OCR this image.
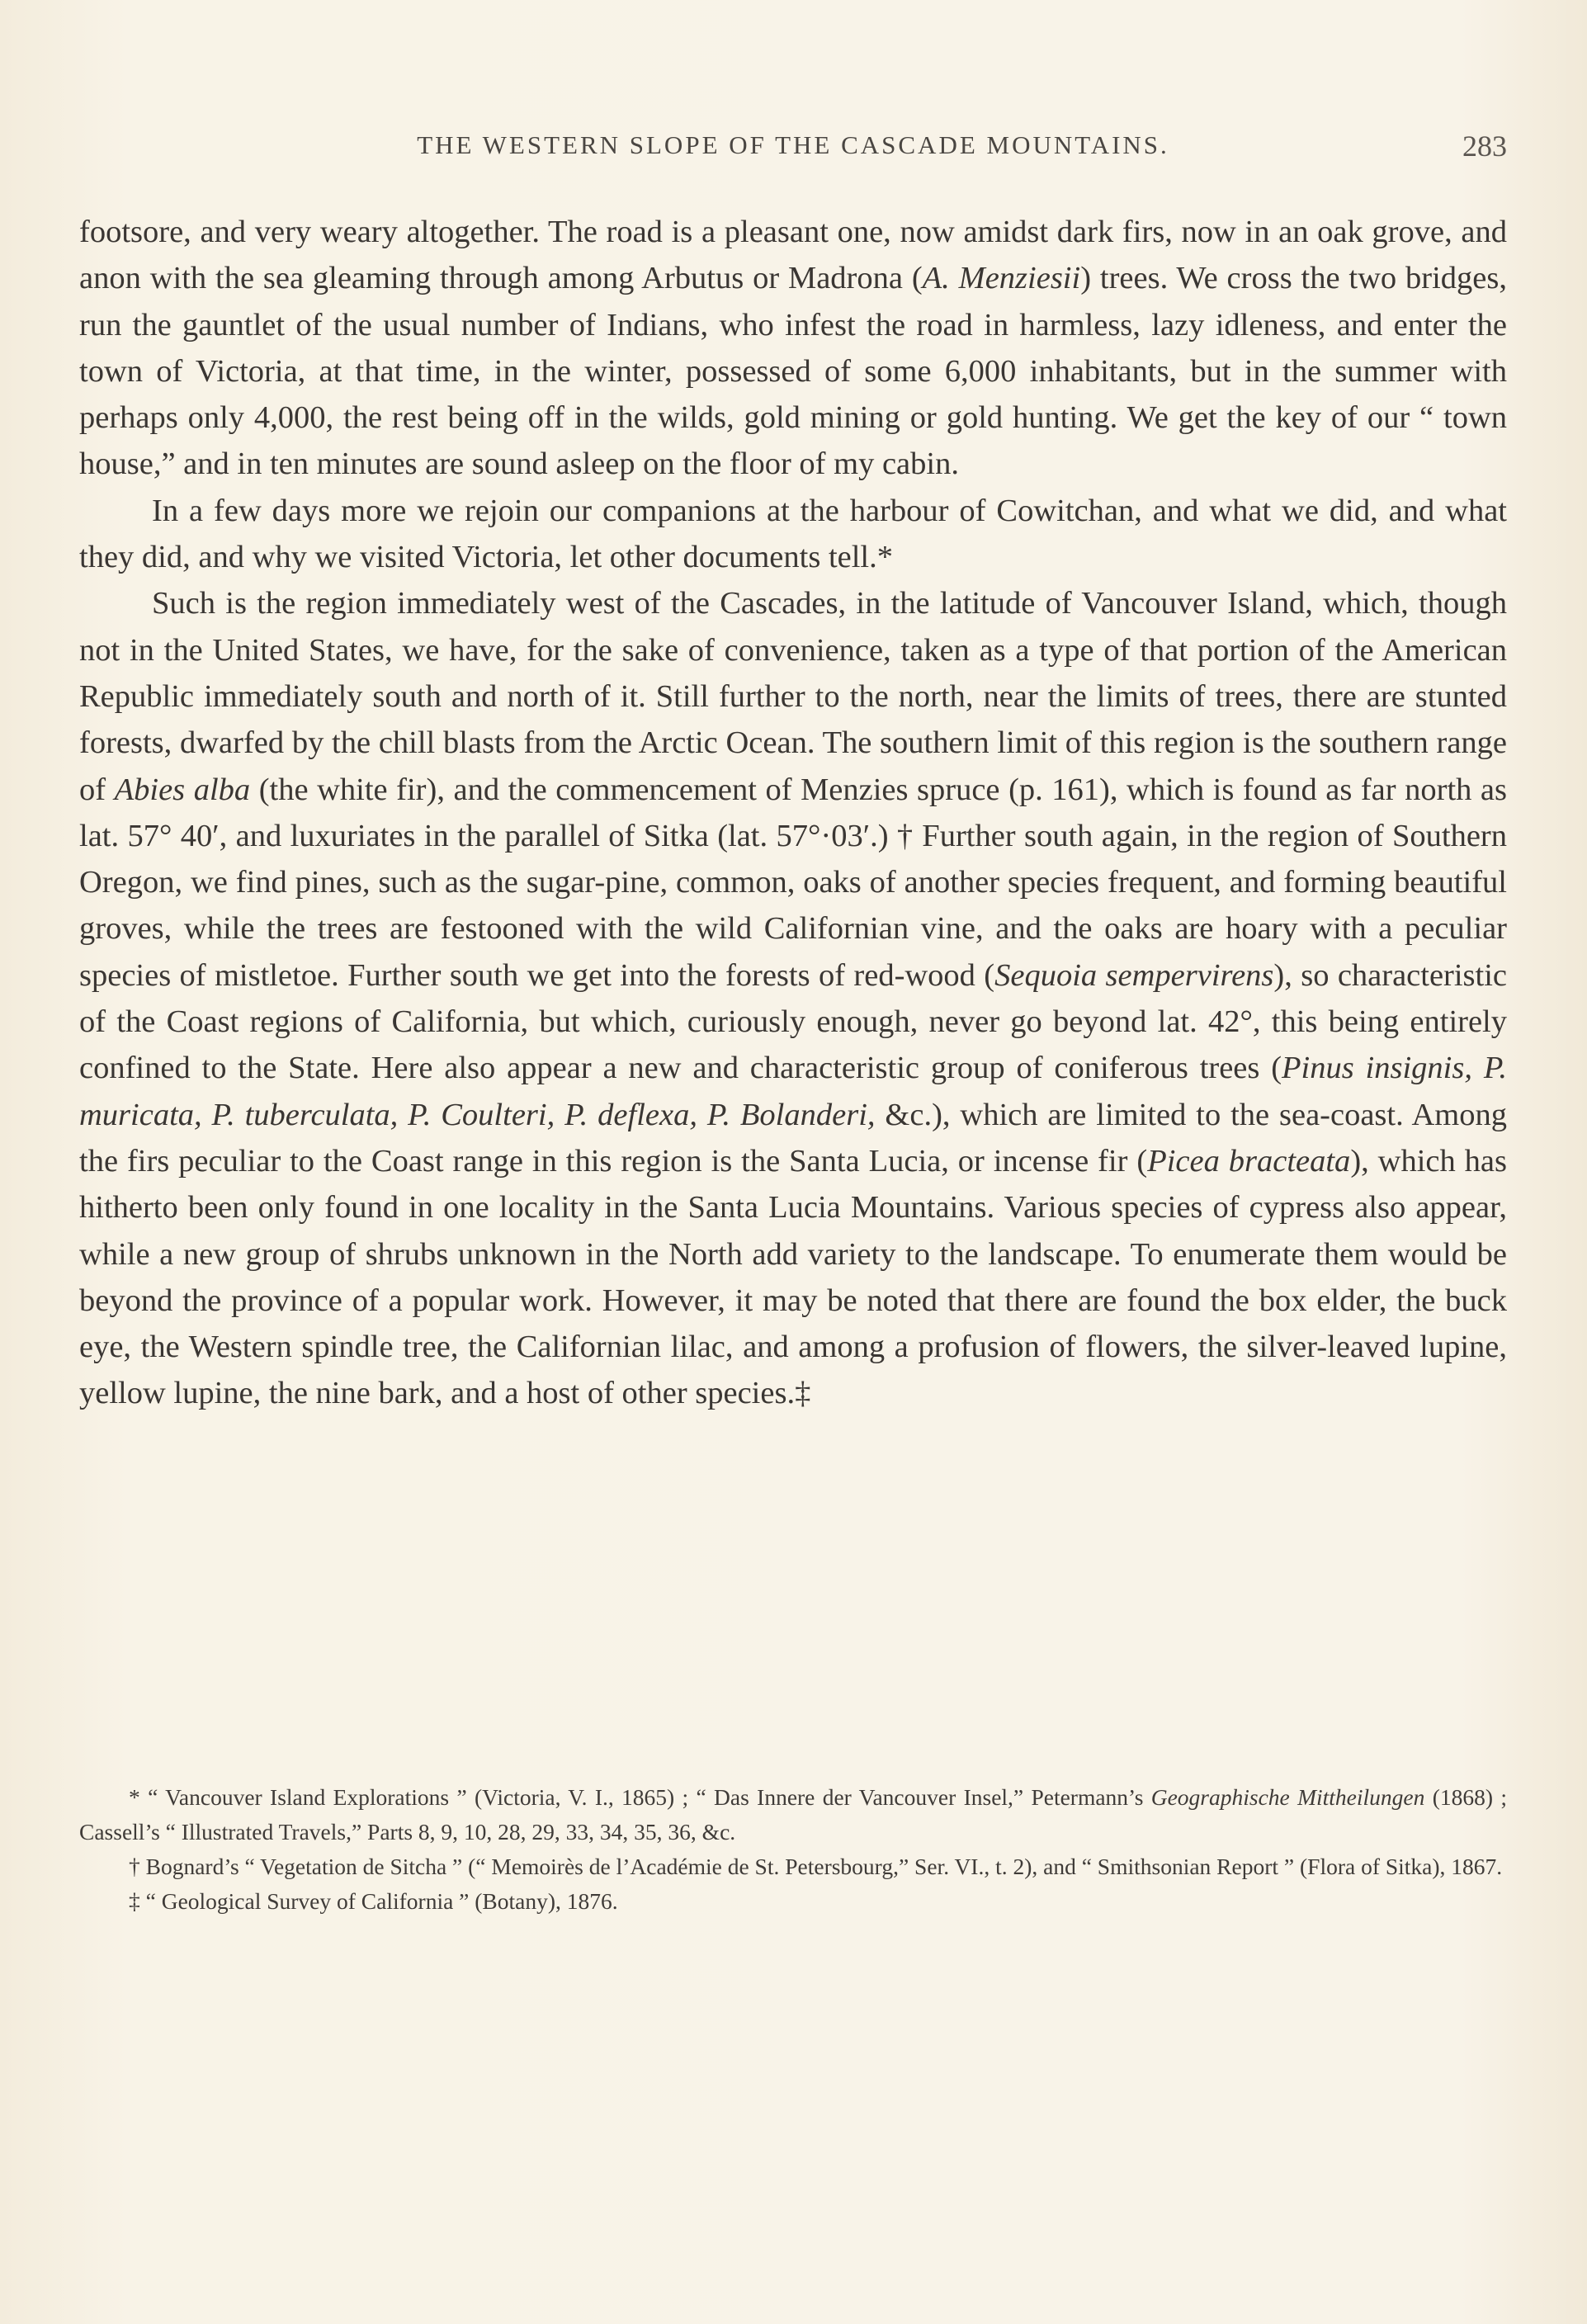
THE WESTERN SLOPE OF THE CASCADE MOUNTAINS.	283

footsore, and very weary altogether. The road is a pleasant one, now amidst dark firs, now in an oak grove, and anon with the sea gleaming through among Arbutus or Madrona (A. Menziesii) trees. We cross the two bridges, run the gauntlet of the usual number of Indians, who infest the road in harmless, lazy idleness, and enter the town of Victoria, at that time, in the winter, possessed of some 6,000 inhabitants, but in the summer with perhaps only 4,000, the rest being off in the wilds, gold mining or gold hunting. We get the key of our “ town house,” and in ten minutes are sound asleep on the floor of my cabin.

In a few days more we rejoin our companions at the harbour of Cowitchan, and what we did, and what they did, and why we visited Victoria, let other documents tell.*

Such is the region immediately west of the Cascades, in the latitude of Vancouver Island, which, though not in the United States, we have, for the sake of convenience, taken as a type of that portion of the American Republic immediately south and north of it. Still further to the north, near the limits of trees, there are stunted forests, dwarfed by the chill blasts from the Arctic Ocean. The southern limit of this region is the southern range of Abies alba (the white fir), and the commencement of Menzies spruce (p. 161), which is found as far north as lat. 57° 40′, and luxuriates in the parallel of Sitka (lat. 57°·03′.) † Further south again, in the region of Southern Oregon, we find pines, such as the sugar-pine, common, oaks of another species frequent, and forming beautiful groves, while the trees are festooned with the wild Californian vine, and the oaks are hoary with a peculiar species of mistletoe. Further south we get into the forests of red-wood (Sequoia sempervirens), so characteristic of the Coast regions of California, but which, curiously enough, never go beyond lat. 42°, this being entirely confined to the State. Here also appear a new and characteristic group of coniferous trees (Pinus insignis, P. muricata, P. tuberculata, P. Coulteri, P. deflexa, P. Bolanderi, &c.), which are limited to the sea-coast. Among the firs peculiar to the Coast range in this region is the Santa Lucia, or incense fir (Picea bracteata), which has hitherto been only found in one locality in the Santa Lucia Mountains. Various species of cypress also appear, while a new group of shrubs unknown in the North add variety to the landscape. To enumerate them would be beyond the province of a popular work. However, it may be noted that there are found the box elder, the buck eye, the Western spindle tree, the Californian lilac, and among a profusion of flowers, the silver-leaved lupine, yellow lupine, the nine bark, and a host of other species.‡

* “ Vancouver Island Explorations ” (Victoria, V. I., 1865) ; “ Das Innere der Vancouver Insel,” Petermann’s Geographische Mittheilungen (1868) ; Cassell’s “ Illustrated Travels,” Parts 8, 9, 10, 28, 29, 33, 34, 35, 36, &c.

† Bognard’s “ Vegetation de Sitcha ” (“ Memoirès de l’Académie de St. Petersbourg,” Ser. VI., t. 2), and “ Smithsonian Report ” (Flora of Sitka), 1867.

‡ “ Geological Survey of California ” (Botany), 1876.
